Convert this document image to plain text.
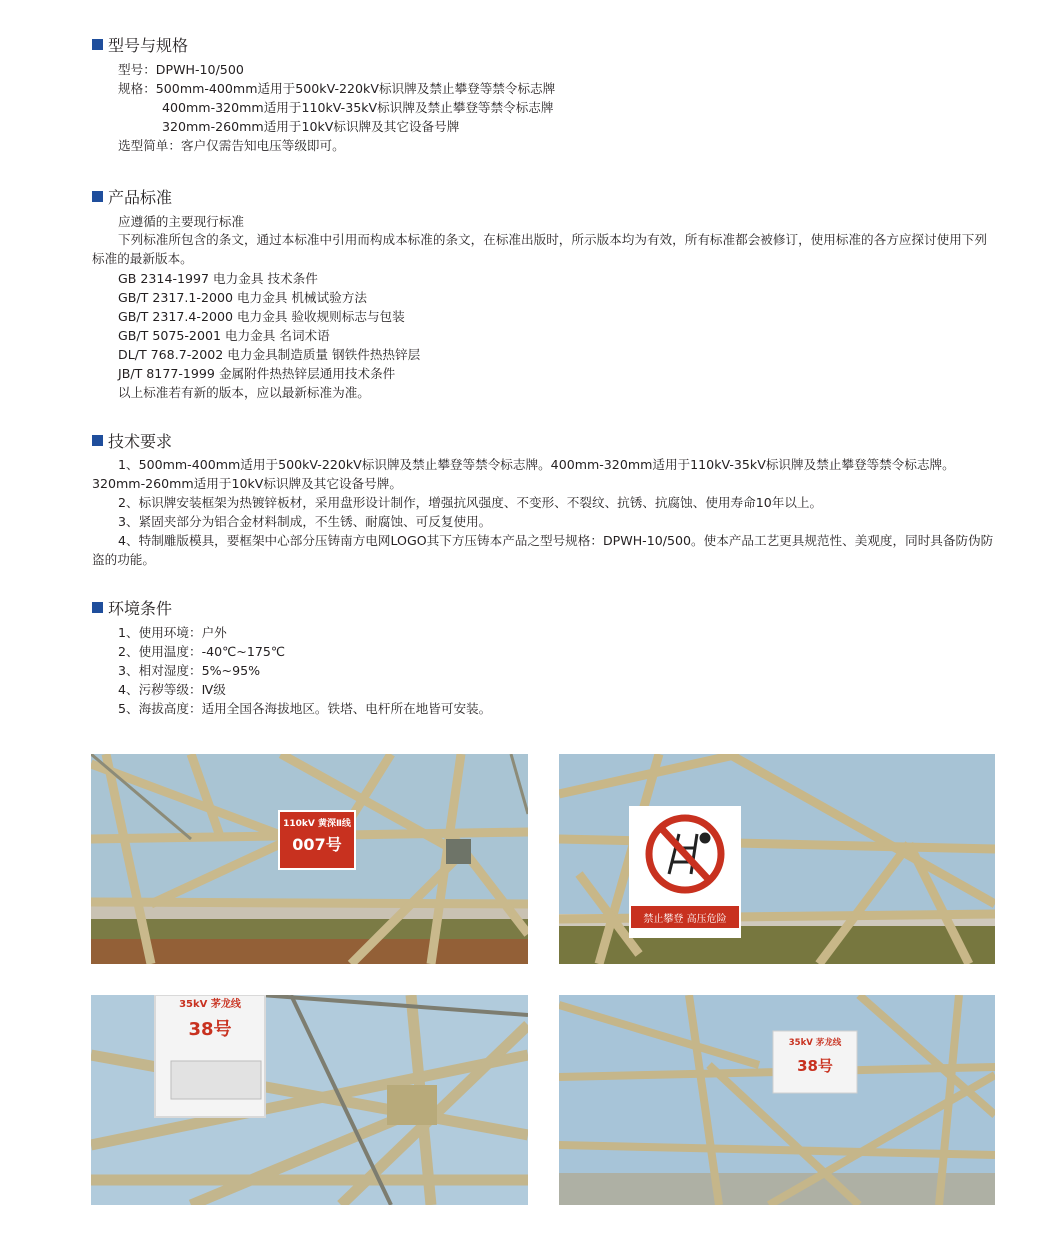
型号与规格
型号：DPWH-10/500
规格：500mm-400mm适用于500kV-220kV标识牌及禁止攀登等禁令标志牌
400mm-320mm适用于110kV-35kV标识牌及禁止攀登等禁令标志牌
320mm-260mm适用于10kV标识牌及其它设备号牌
选型简单：客户仅需告知电压等级即可。
产品标准
应遵循的主要现行标准
下列标准所包含的条文，通过本标准中引用而构成本标准的条文，在标准出版时，所示版本均为有效，所有标准都会被修订，使用标准的各方应探讨使用下列标准的最新版本。
GB 2314-1997 电力金具 技术条件
GB/T 2317.1-2000 电力金具 机械试验方法
GB/T 2317.4-2000 电力金具 验收规则标志与包装
GB/T 5075-2001 电力金具 名词术语
DL/T 768.7-2002 电力金具制造质量 钢铁件热热锌层
JB/T 8177-1999 金属附件热热锌层通用技术条件
以上标准若有新的版本，应以最新标准为准。
技术要求
1、500mm-400mm适用于500kV-220kV标识牌及禁止攀登等禁令标志牌。400mm-320mm适用于110kV-35kV标识牌及禁止攀登等禁令标志牌。320mm-260mm适用于10kV标识牌及其它设备号牌。
2、标识牌安装框架为热镀锌板材，采用盘形设计制作，增强抗风强度、不变形、不裂纹、抗锈、抗腐蚀、使用寿命10年以上。
3、紧固夹部分为铝合金材料制成，不生锈、耐腐蚀、可反复使用。
4、特制雕版模具，要框架中心部分压铸南方电网LOGO其下方压铸本产品之型号规格：DPWH-10/500。使本产品工艺更具规范性、美观度，同时具备防伪防盗的功能。
环境条件
1、使用环境：户外
2、使用温度：-40℃~175℃
3、相对湿度：5%~95%
4、污秽等级：Ⅳ级
5、海拔高度：适用全国各海拔地区。铁塔、电杆所在地皆可安装。
110kV 黄深Ⅱ线
007号
禁止攀登 高压危险
35kV 茅龙线
38号
35kV 茅龙线
38号
